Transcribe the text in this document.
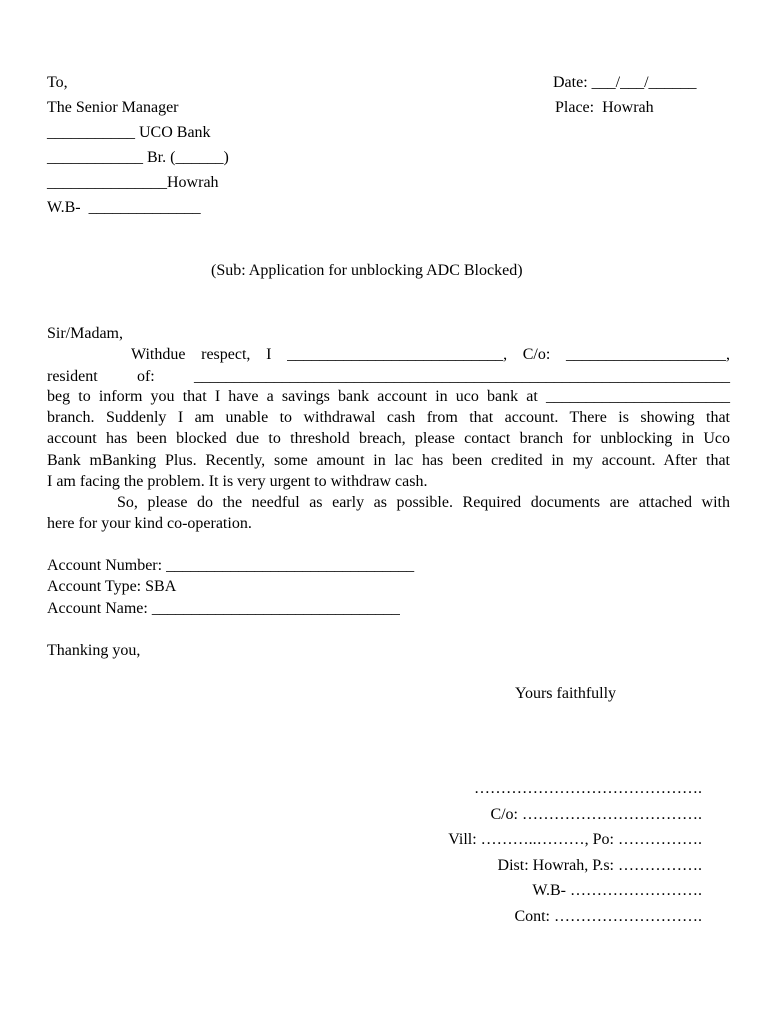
To,
The Senior Manager
___________ UCO Bank
____________ Br. (______)
_______________Howrah
W.B-  ______________
Date: ___/___/______
Place:  Howrah
(Sub: Application for unblocking ADC Blocked)
Sir/Madam,
Withdue respect, I ___________________________, C/o: ____________________,
resident of: ___________________________________________________________________
beg to inform you that I have a savings bank account in uco bank at _______________________
branch. Suddenly I am unable to withdrawal cash from that account. There is showing that
account has been blocked due to threshold breach, please contact branch for unblocking in Uco
Bank mBanking Plus. Recently, some amount in lac has been credited in my account. After that
I am facing the problem. It is very urgent to withdraw cash.
So, please do the needful as early as possible. Required documents are attached with
here for your kind co-operation.
Account Number: _______________________________
Account Type: SBA
Account Name: _______________________________
Thanking you,
Yours faithfully
…………………………………….
C/o: …………………………….
Vill: ………..………, Po: …………….
Dist: Howrah, P.s: …………….
W.B- …………………….
Cont: ……………………….
